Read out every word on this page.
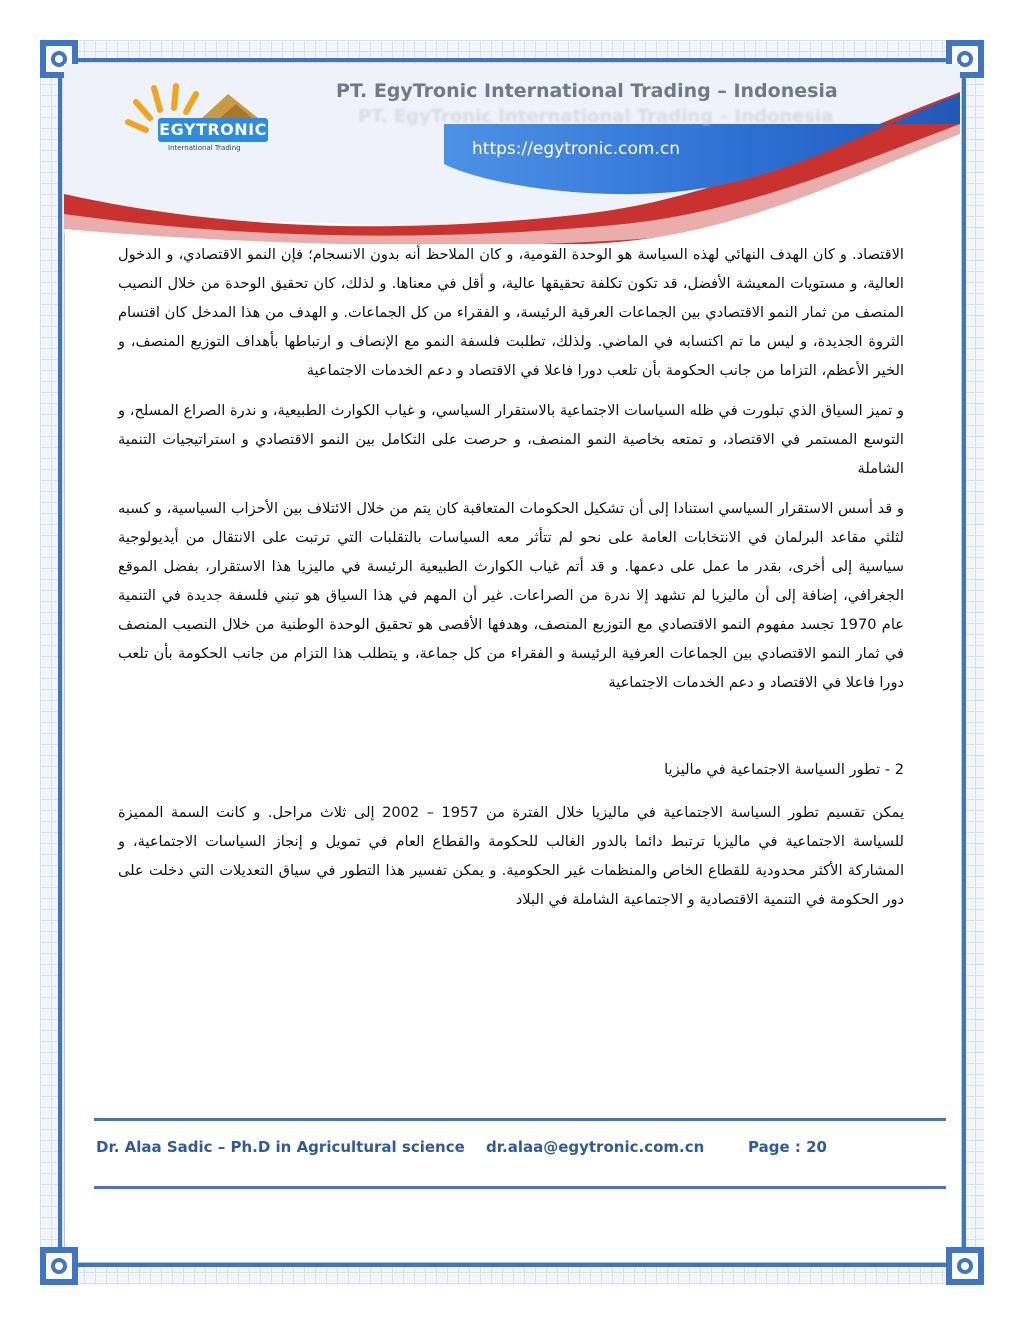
EGYTRONIC
International Trading
PT. EgyTronic International Trading – Indonesia
PT. EgyTronic International Trading – Indonesia
https://egytronic.com.cn

الاقتصاد. و كان الهدف النهائي لهذه السياسة هو الوحدة القومية، و كان الملاحظ أنه بدون الانسجام؛ فإن النمو الاقتصادي، و الدخول العالية، و مستويات المعيشة الأفضل، قد تكون تكلفة تحقيقها عالية، و أقل في معناها. و لذلك، كان تحقيق الوحدة من خلال النصيب المنصف من ثمار النمو الاقتصادي بين الجماعات العرقية الرئيسة، و الفقراء من كل الجماعات. و الهدف من هذا المدخل كان اقتسام الثروة الجديدة، و ليس ما تم اكتسابه في الماضي. ولذلك، تطلبت فلسفة النمو مع الإنصاف و ارتباطها بأهداف التوزيع المنصف، و الخير الأعظم، التزاما من جانب الحكومة بأن تلعب دورا فاعلا في الاقتصاد و دعم الخدمات الاجتماعية

و تميز السياق الذي تبلورت في ظله السياسات الاجتماعية بالاستقرار السياسي، و غياب الكوارث الطبيعية، و ندرة الصراع المسلح، و التوسع المستمر في الاقتصاد، و تمتعه بخاصية النمو المنصف، و حرصت على التكامل بين النمو الاقتصادي و استراتيجيات التنمية الشاملة

و قد أسس الاستقرار السياسي استنادا إلى أن تشكيل الحكومات المتعاقبة كان يتم من خلال الائتلاف بين الأحزاب السياسية، و كسبه لثلثي مقاعد البرلمان في الانتخابات العامة على نحو لم تتأثر معه السياسات بالتقلبات التي ترتبت على الانتقال من أيديولوجية سياسية إلى أخرى، بقدر ما عمل على دعمها. و قد أتم غياب الكوارث الطبيعية الرئيسة في ماليزيا هذا الاستقرار، بفضل الموقع الجغرافي، إضافة إلى أن ماليزيا لم تشهد إلا ندرة من الصراعات. غير أن المهم في هذا السياق هو تبني فلسفة جديدة في التنمية عام 1970 تجسد مفهوم النمو الاقتصادي مع التوزيع المنصف، وهدفها الأقصى هو تحقيق الوحدة الوطنية من خلال النصيب المنصف في ثمار النمو الاقتصادي بين الجماعات العرفية الرئيسة و الفقراء من كل جماعة، و يتطلب هذا التزام من جانب الحكومة بأن تلعب دورا فاعلا في الاقتصاد و دعم الخدمات الاجتماعية

2 - تطور السياسة الاجتماعية في ماليزيا

يمكن تقسيم تطور السياسة الاجتماعية في ماليزيا خلال الفترة من 1957 – 2002 إلى ثلاث مراحل. و كانت السمة المميزة للسياسة الاجتماعية في ماليزيا ترتبط دائما بالدور الغالب للحكومة والقطاع العام في تمويل و إنجاز السياسات الاجتماعية، و المشاركة الأكثر محدودية للقطاع الخاص والمنظمات غير الحكومية. و يمكن تفسير هذا التطور في سياق التعديلات التي دخلت على دور الحكومة في التنمية الاقتصادية و الاجتماعية الشاملة في البلاد

Dr. Alaa Sadic – Ph.D in Agricultural science dr.alaa@egytronic.com.cn	Page : 20
